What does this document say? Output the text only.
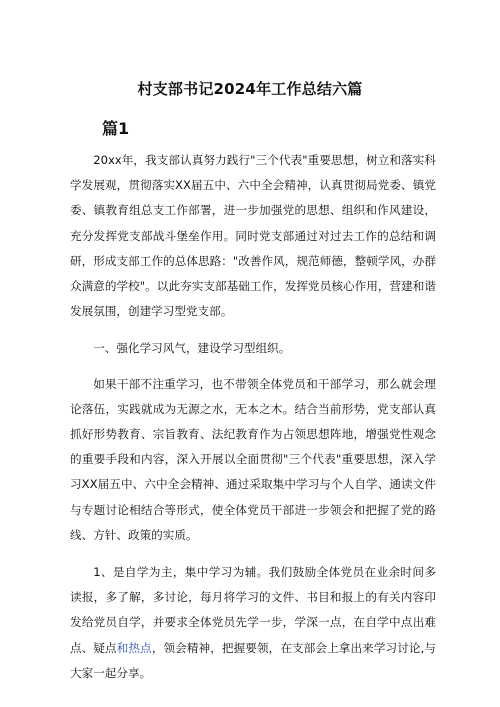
村支部书记2024年工作总结六篇
篇1

20xx年，我支部认真努力践行"三个代表"重要思想，树立和落实科学发展观，贯彻落实XX届五中、六中全会精神，认真贯彻局党委、镇党委、镇教育组总支工作部署，进一步加强党的思想、组织和作风建设，充分发挥党支部战斗堡垒作用。同时党支部通过对过去工作的总结和调研，形成支部工作的总体思路："改善作风，规范师德，整顿学风，办群众满意的学校"。以此夯实支部基础工作，发挥党员核心作用，营建和谐发展氛围，创建学习型党支部。

一、强化学习风气，建设学习型组织。

如果干部不注重学习，也不带领全体党员和干部学习，那么就会理论落伍，实践就成为无源之水，无本之木。结合当前形势，党支部认真抓好形势教育、宗旨教育、法纪教育作为占领思想阵地，增强党性观念的重要手段和内容，深入开展以全面贯彻"三个代表"重要思想，深入学习XX届五中、六中全会精神、通过采取集中学习与个人自学、通读文件与专题讨论相结合等形式，使全体党员干部进一步领会和把握了党的路线、方针、政策的实质。

1、是自学为主，集中学习为辅。我们鼓励全体党员在业余时间多读报，多了解，多讨论，每月将学习的文件、书目和报上的有关内容印发给党员自学，并要求全体党员先学一步，学深一点，在自学中点出难点、疑点和热点，领会精神，把握要领，在支部会上拿出来学习讨论,与大家一起分享。
